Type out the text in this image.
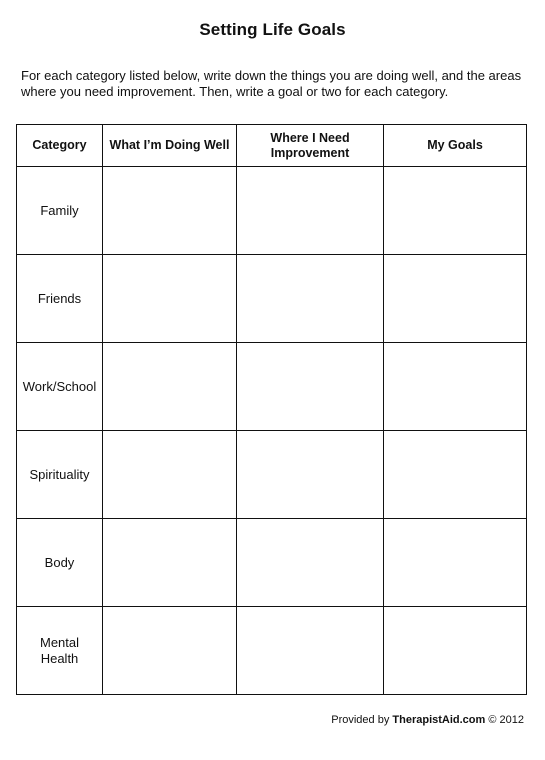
Setting Life Goals
For each category listed below, write down the things you are doing well, and the areas where you need improvement. Then, write a goal or two for each category.
Category	What I’m Doing Well	Where I Need Improvement	My Goals
Family			
Friends			
Work/School			
Spirituality			
Body			
Mental Health			
Provided by TherapistAid.com © 2012
